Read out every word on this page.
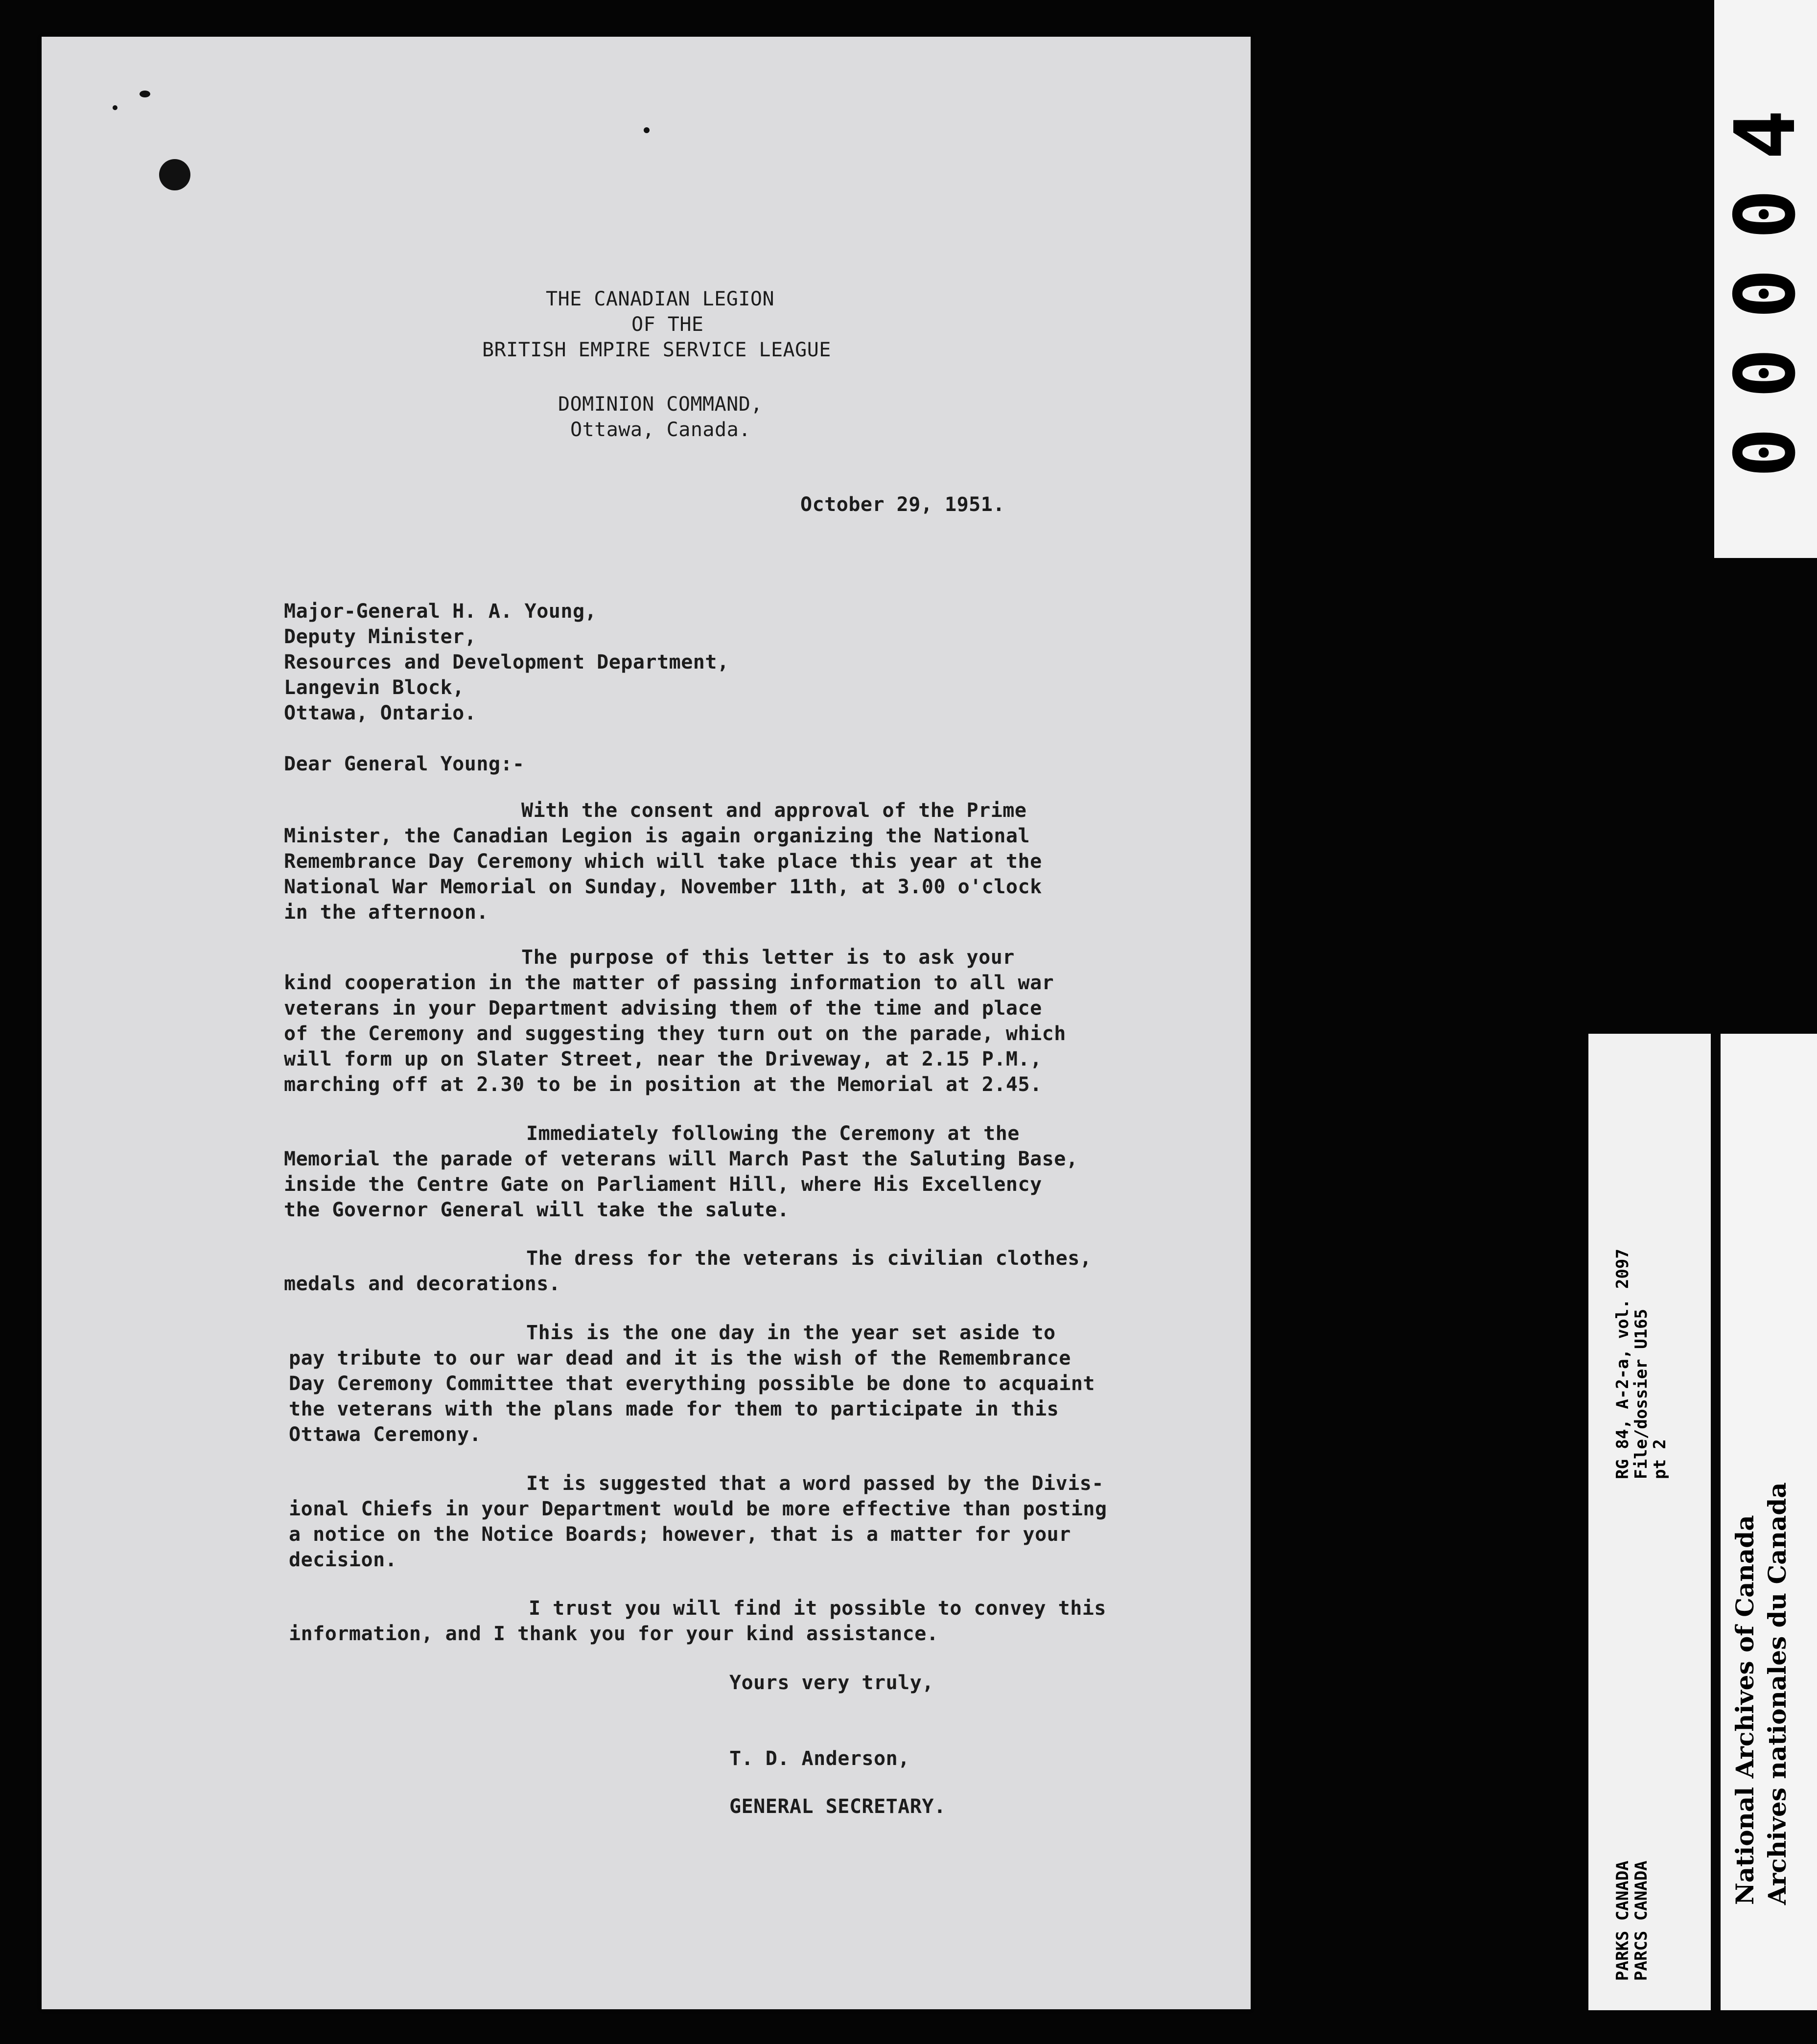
THE CANADIAN LEGION
OF THE
BRITISH EMPIRE SERVICE LEAGUE
DOMINION COMMAND,
Ottawa, Canada.
October 29, 1951.
Major-General H. A. Young,
Deputy Minister,
Resources and Development Department,
Langevin Block,
Ottawa, Ontario.
Dear General Young:-
With the consent and approval of the Prime
Minister, the Canadian Legion is again organizing the National
Remembrance Day Ceremony which will take place this year at the
National War Memorial on Sunday, November 11th, at 3.00 o'clock
in the afternoon.
The purpose of this letter is to ask your
kind cooperation in the matter of passing information to all war
veterans in your Department advising them of the time and place
of the Ceremony and suggesting they turn out on the parade, which
will form up on Slater Street, near the Driveway, at 2.15 P.M.,
marching off at 2.30 to be in position at the Memorial at 2.45.
Immediately following the Ceremony at the
Memorial the parade of veterans will March Past the Saluting Base,
inside the Centre Gate on Parliament Hill, where His Excellency
the Governor General will take the salute.
The dress for the veterans is civilian clothes,
medals and decorations.
This is the one day in the year set aside to
pay tribute to our war dead and it is the wish of the Remembrance
Day Ceremony Committee that everything possible be done to acquaint
the veterans with the plans made for them to participate in this
Ottawa Ceremony.
It is suggested that a word passed by the Divis-
ional Chiefs in your Department would be more effective than posting
a notice on the Notice Boards; however, that is a matter for your
decision.
I trust you will find it possible to convey this
information, and I thank you for your kind assistance.
Yours very truly,
T. D. Anderson,
GENERAL SECRETARY.
00004
RG 84, A-2-a, vol. 2097
File/dossier U165
pt 2
PARKS CANADA
PARCS CANADA
National Archives of Canada Archives nationales du Canada
